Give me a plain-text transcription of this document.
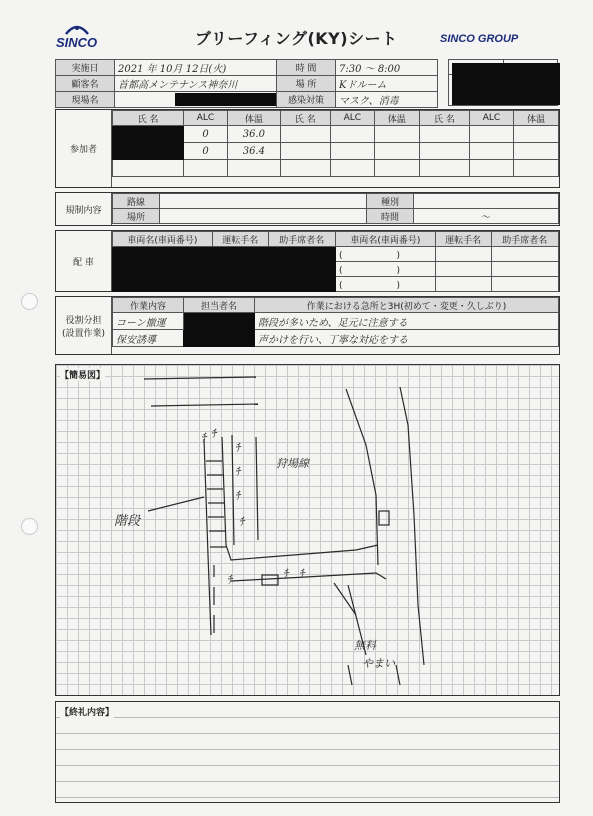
SINCO	ブリーフィング(KY)シート	SINCO GROUP
実施日	2021 年 10月 12日(火)	時 間	7:30 ～ 8:00
顧客名	首都高メンテナンス神奈川	場 所	Kドルーム
現場名		感染対策	マスク、消毒

参加者
氏 名	ALC	体温	氏 名	ALC	体温	氏 名	ALC	体温
	0	36.0						
	0	36.4						

規制内容
路線		種別	
場所		時間	～
配 車
車両名(車両番号)	運転手名	助手席者名	車両名(車両番号)	運転手名	助手席者名
			(　　　　　　)		
			(　　　　　　)		
			(　　　　　　)		
役割分担
(設置作業)
作業内容	担当者名	作業における急所と3H(初めて・変更・久しぶり)
コーン撤運		階段が多いため、足元に注意する
保安誘導		声かけを行い、丁寧な対応をする
【簡易図】
ﾁ ﾁ
ﾁ
ﾁ
ﾁ
ﾁ
ﾁ	ﾁ ﾁ
階段
狩場線
無料
やまい
【終礼内容】
